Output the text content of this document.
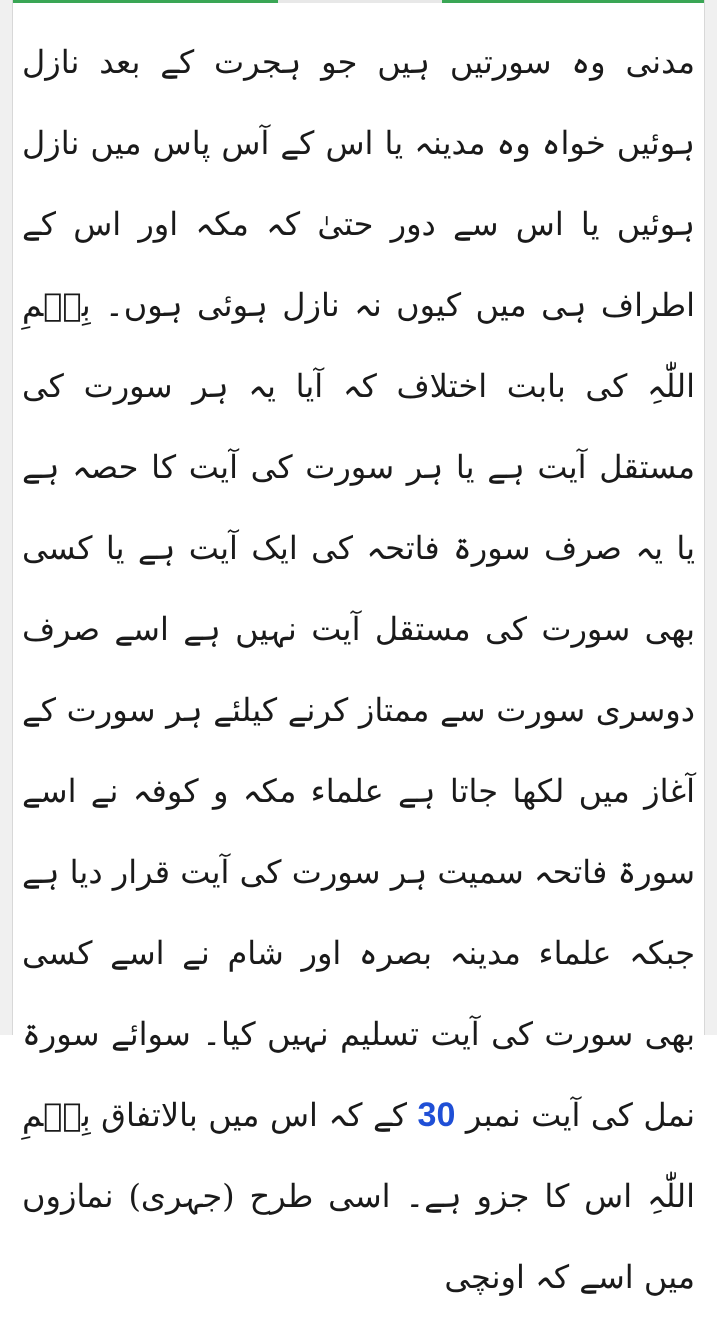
مدنی وہ سورتیں ہیں جو ہجرت کے بعد نازل ہوئیں خواہ وہ مدینہ یا اس کے آس پاس میں نازل ہوئیں یا اس سے دور حتیٰ کہ مکہ اور اس کے اطراف ہی میں کیوں نہ نازل ہوئی ہوں۔ بِسۡمِ اللّٰہِ کی بابت اختلاف کہ آیا یہ ہر سورت کی مستقل آیت ہے یا ہر سورت کی آیت کا حصہ ہے یا یہ صرف سورۃ فاتحہ کی ایک آیت ہے یا کسی بھی سورت کی مستقل آیت نہیں ہے اسے صرف دوسری سورت سے ممتاز کرنے کیلئے ہر سورت کے آغاز میں لکھا جاتا ہے علماء مکہ و کوفہ نے اسے سورۃ فاتحہ سمیت ہر سورت کی آیت قرار دیا ہے جبکہ علماء مدینہ بصرہ اور شام نے اسے کسی بھی سورت کی آیت تسلیم نہیں کیا۔ سوائے سورۃ نمل کی آیت نمبر 30 کے کہ اس میں بالاتفاق بِسۡمِ اللّٰہِ اس کا جزو ہے۔ اسی طرح (جہری) نمازوں میں اسے کہ اونچی
